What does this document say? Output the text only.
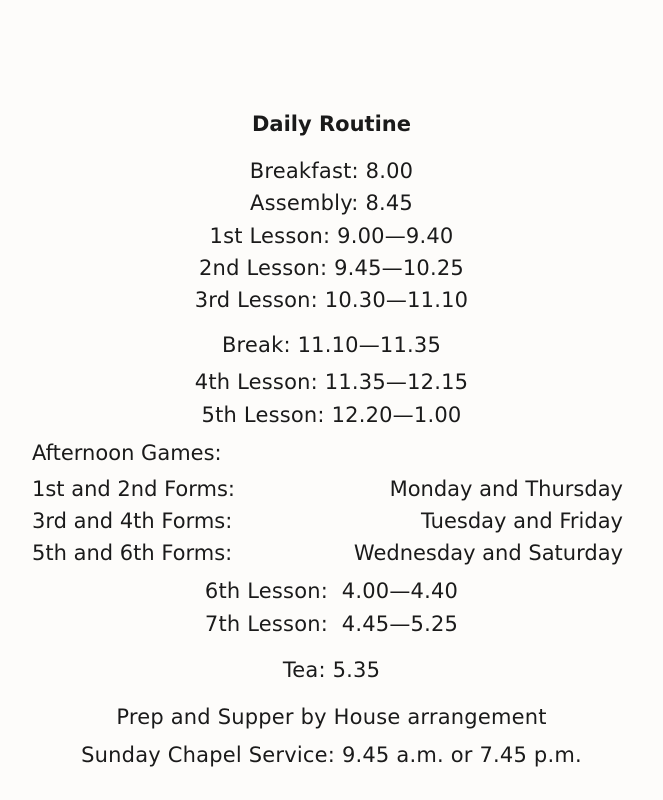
Daily Routine
Breakfast: 8.00
Assembly: 8.45
1st Lesson: 9.00—9.40
2nd Lesson: 9.45—10.25
3rd Lesson: 10.30—11.10
Break: 11.10—11.35
4th Lesson: 11.35—12.15
5th Lesson: 12.20—1.00
Afternoon Games:
1st and 2nd Forms:	Monday and Thursday
3rd and 4th Forms:	Tuesday and Friday
5th and 6th Forms:	Wednesday and Saturday
6th Lesson:  4.00—4.40
7th Lesson:  4.45—5.25
Tea: 5.35
Prep and Supper by House arrangement
Sunday Chapel Service: 9.45 a.m. or 7.45 p.m.
